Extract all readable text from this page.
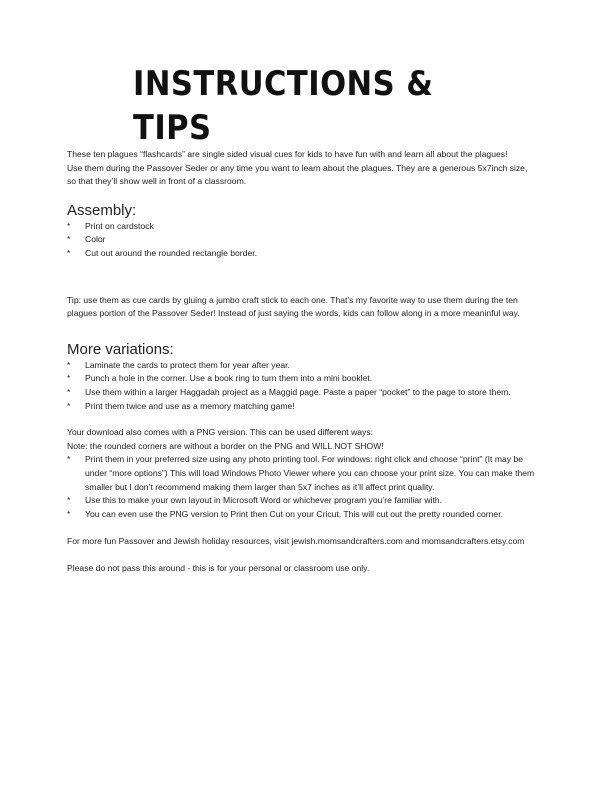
INSTRUCTIONS & TIPS

These ten plagues “flashcards” are single sided visual cues for kids to have fun with and learn all about the plagues!

Use them during the Passover Seder or any time you want to learn about the plagues. They are a generous 5x7inch size, so that they’ll show well in front of a classroom.

Assembly:

* Print on cardstock
* Color
* Cut out around the rounded rectangle border.

Tip: use them as cue cards by gluing a jumbo craft stick to each one. That’s my favorite way to use them during the ten plagues portion of the Passover Seder! Instead of just saying the words, kids can follow along in a more meaninful way.

More variations:

* Laminate the cards to protect them for year after year.
* Punch a hole in the corner. Use a book ring to turn them into a mini booklet.
* Use them within a larger Haggadah project as a Maggid page. Paste a paper “pocket” to the page to store them.
* Print them twice and use as a memory matching game!

Your download also comes with a PNG version. This can be used different ways:

Note: the rounded corners are without a border on the PNG and WILL NOT SHOW!

* Print them in your preferred size using any photo printing tool. For windows: right click and choose “print” (It may be under “more options”) This will load Windows Photo Viewer where you can choose your print size. You can make them smaller but I don’t recommend making them larger than 5x7 inches as it’ll affect print quality.
* Use this to make your own layout in Microsoft Word or whichever program you’re familiar with.
* You can even use the PNG version to Print then Cut on your Cricut. This will cut out the pretty rounded corner.

For more fun Passover and Jewish holiday resources, visit jewish.momsandcrafters.com and momsandcrafters.etsy.com

Please do not pass this around - this is for your personal or classroom use only.
